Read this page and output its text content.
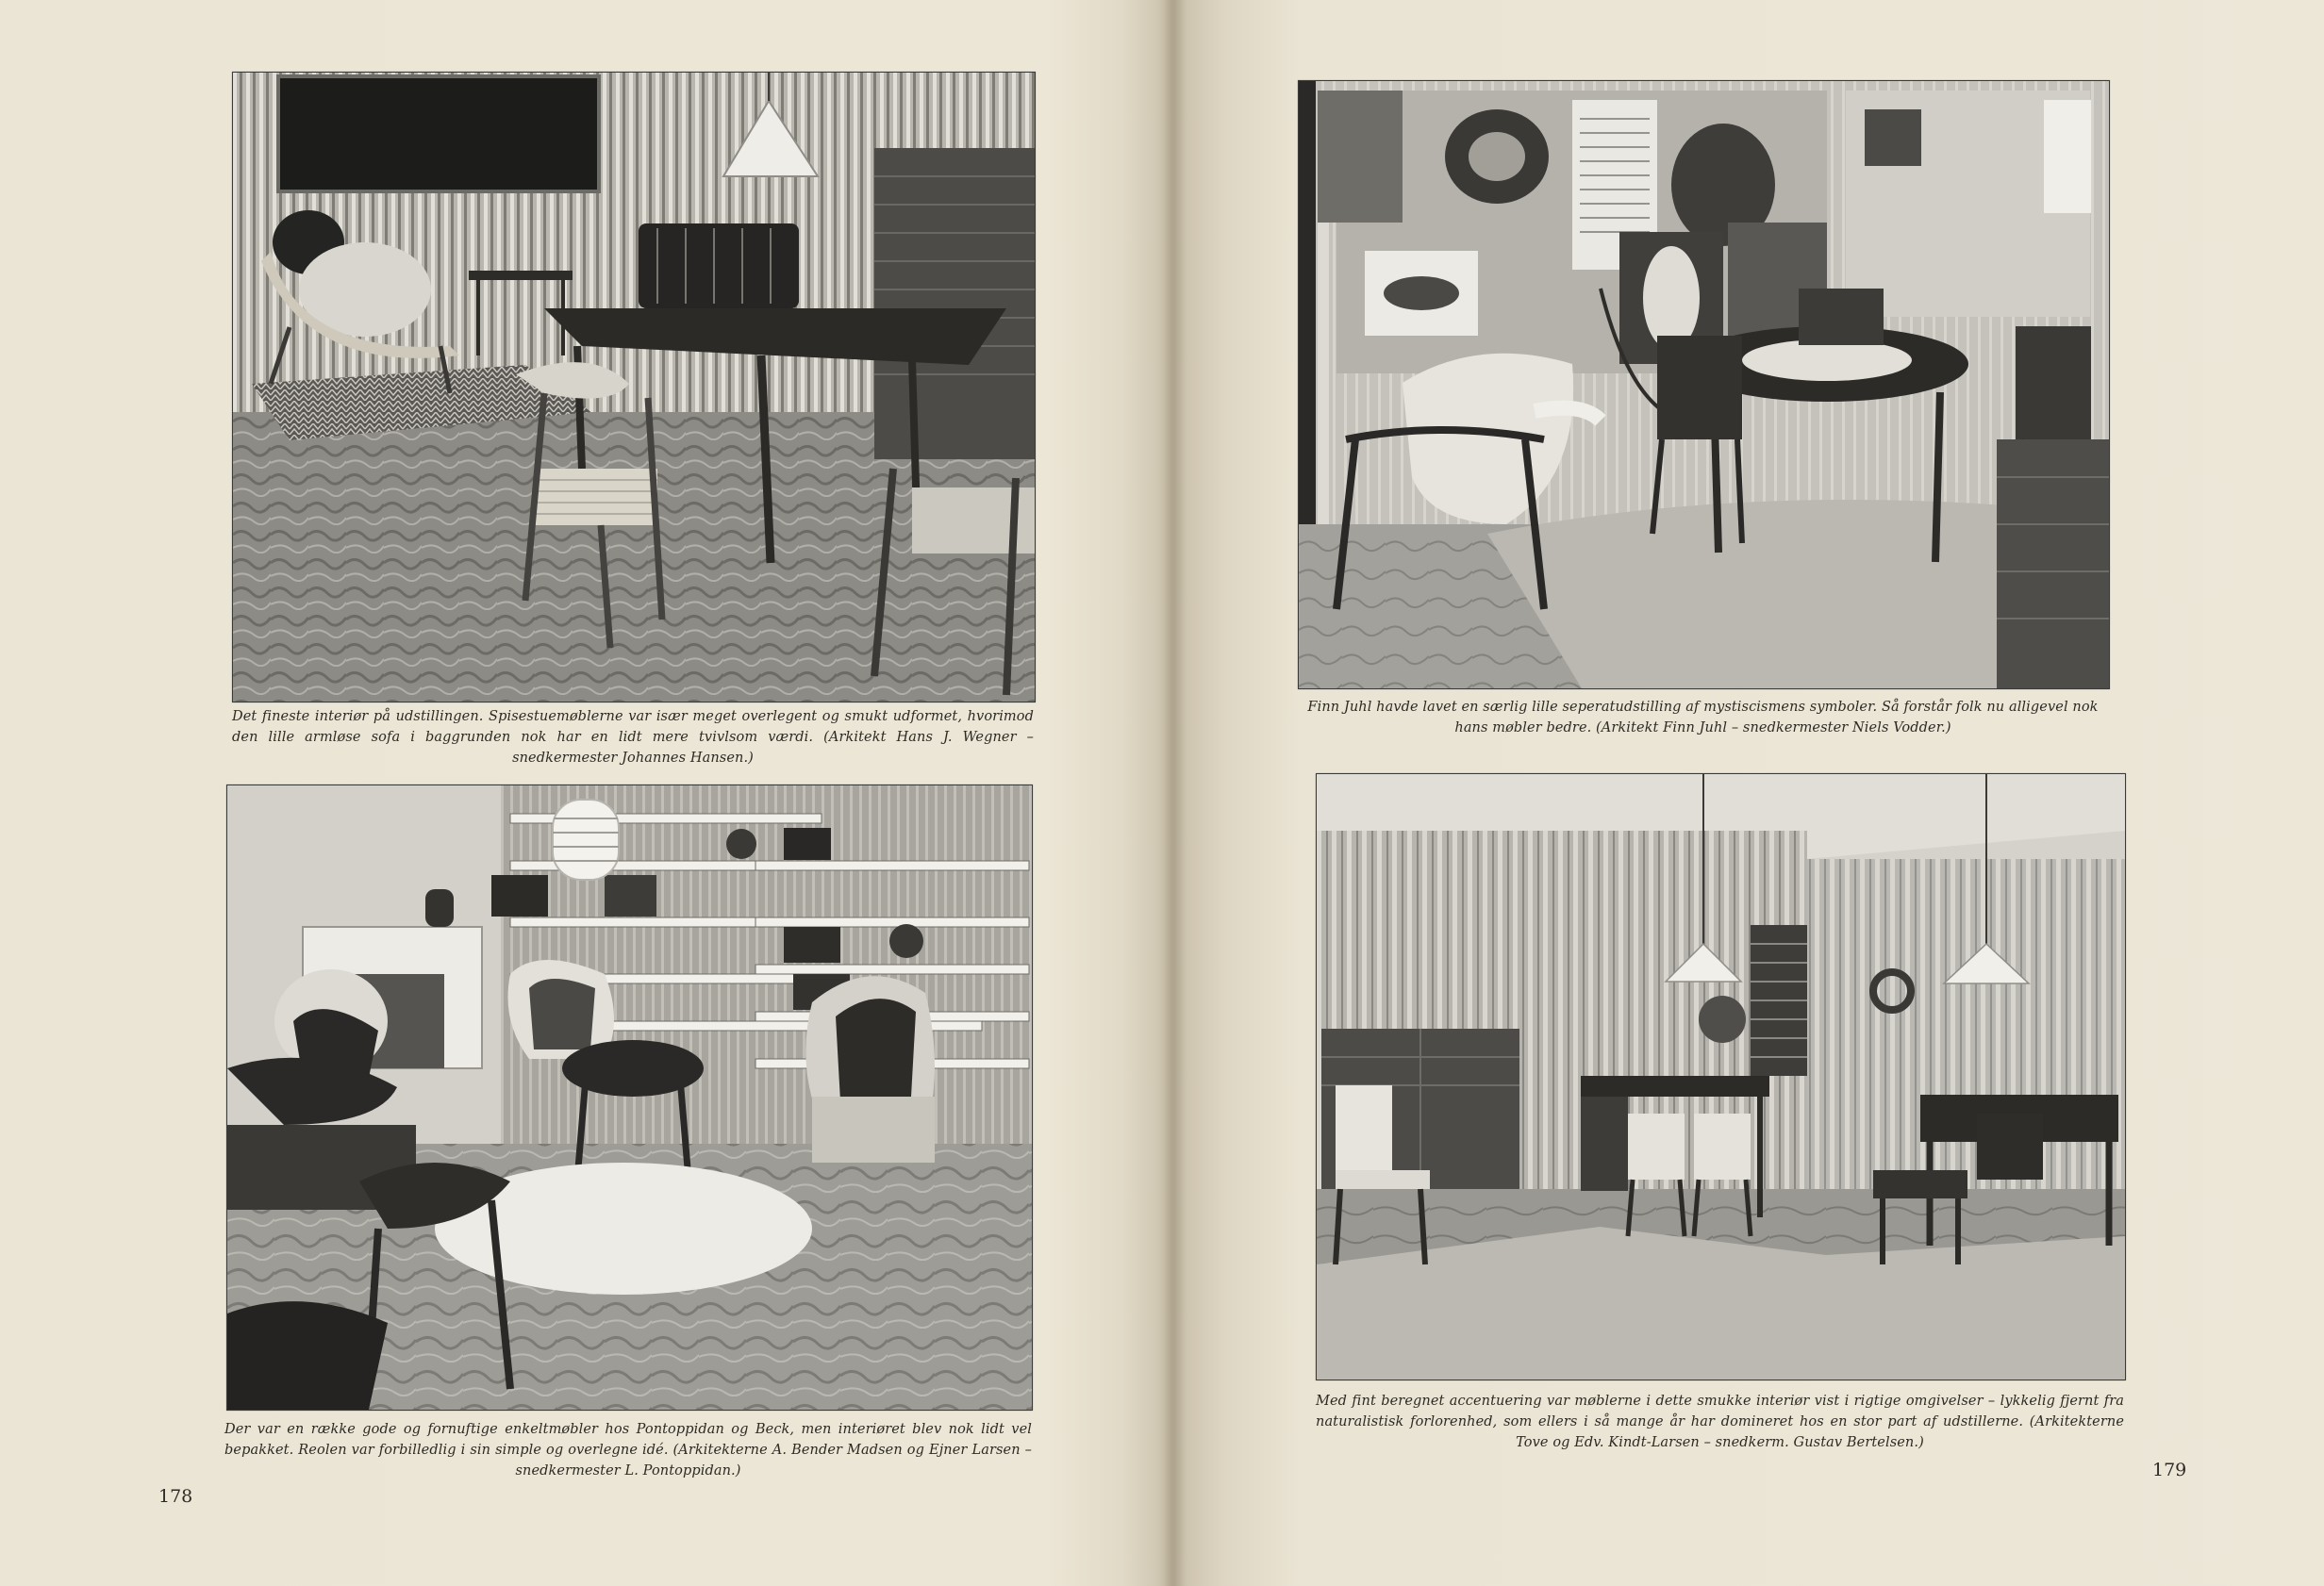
Det fineste interiør på udstillingen. Spisestuemøblerne var især meget overlegent og smukt udformet, hvorimod den lille armløse sofa i baggrunden nok har en lidt mere tvivlsom værdi. (Arkitekt Hans J. Wegner – snedkermester Johannes Hansen.)
Der var en række gode og fornuftige enkeltmøbler hos Pontoppidan og Beck, men interiøret blev nok lidt vel bepakket. Reolen var forbilledlig i sin simple og overlegne idé. (Arkitekterne A. Bender Madsen og Ejner Larsen – snedkermester L. Pontoppidan.)
178
Finn Juhl havde lavet en særlig lille seperatudstilling af mystiscismens symboler. Så forstår folk nu alligevel nok hans møbler bedre. (Arkitekt Finn Juhl – snedkermester Niels Vodder.)
Med fint beregnet accentuering var møblerne i dette smukke interiør vist i rigtige omgivelser – lykkelig fjernt fra naturalistisk forlorenhed, som ellers i så mange år har domineret hos en stor part af udstillerne. (Arkitekterne Tove og Edv. Kindt-Larsen – snedkerm. Gustav Bertelsen.)
179
